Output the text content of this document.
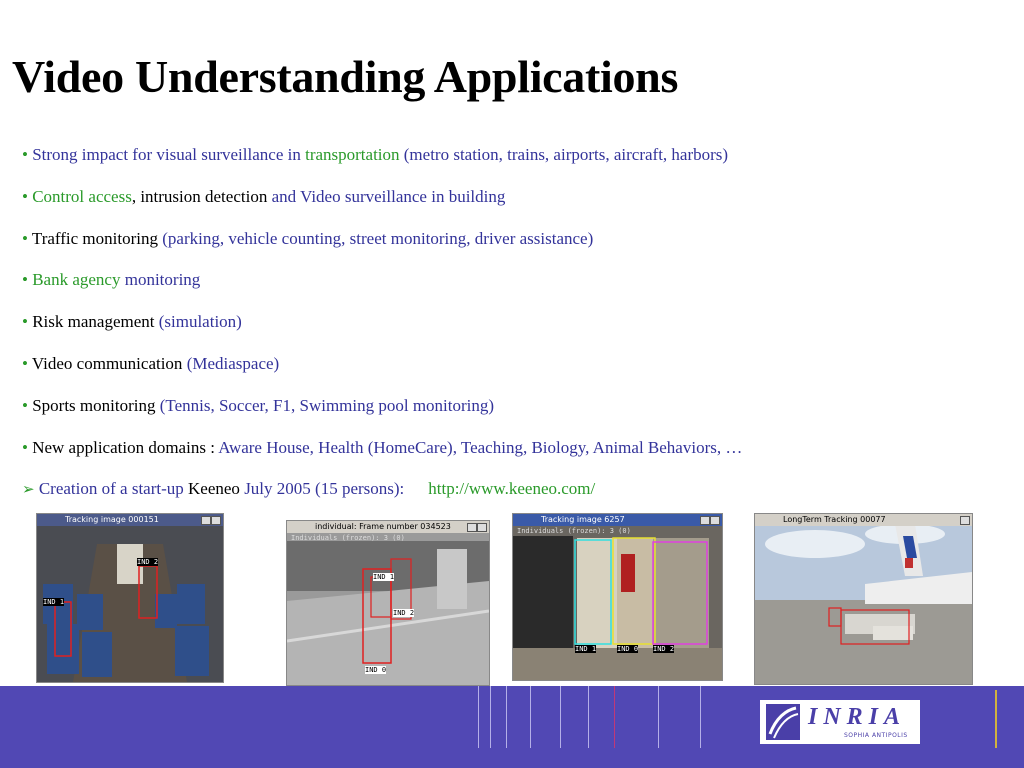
Video Understanding Applications
• Strong impact for visual surveillance in transportation (metro station, trains, airports, aircraft, harbors)
• Control access, intrusion detection and Video surveillance in building
• Traffic monitoring (parking, vehicle counting, street monitoring, driver assistance)
• Bank agency monitoring
• Risk management (simulation)
• Video communication (Mediaspace)
• Sports monitoring (Tennis, Soccer, F1, Swimming pool monitoring)
• New application domains : Aware House, Health (HomeCare), Teaching, Biology, Animal Behaviors, …
➢ Creation of a start-up Keeneo July 2005 (15 persons): http://www.keeneo.com/
Tracking image 000151
IND 2
IND 1
individual: Frame number 034523
Individuals (frozen): 3 (0)
IND 1
IND 2
IND 0
Tracking image 6257
Individuals (frozen): 3 (0)
IND 1	IND 0 IND 2
LongTerm Tracking 00077
INRIA
SOPHIA ANTIPOLIS
